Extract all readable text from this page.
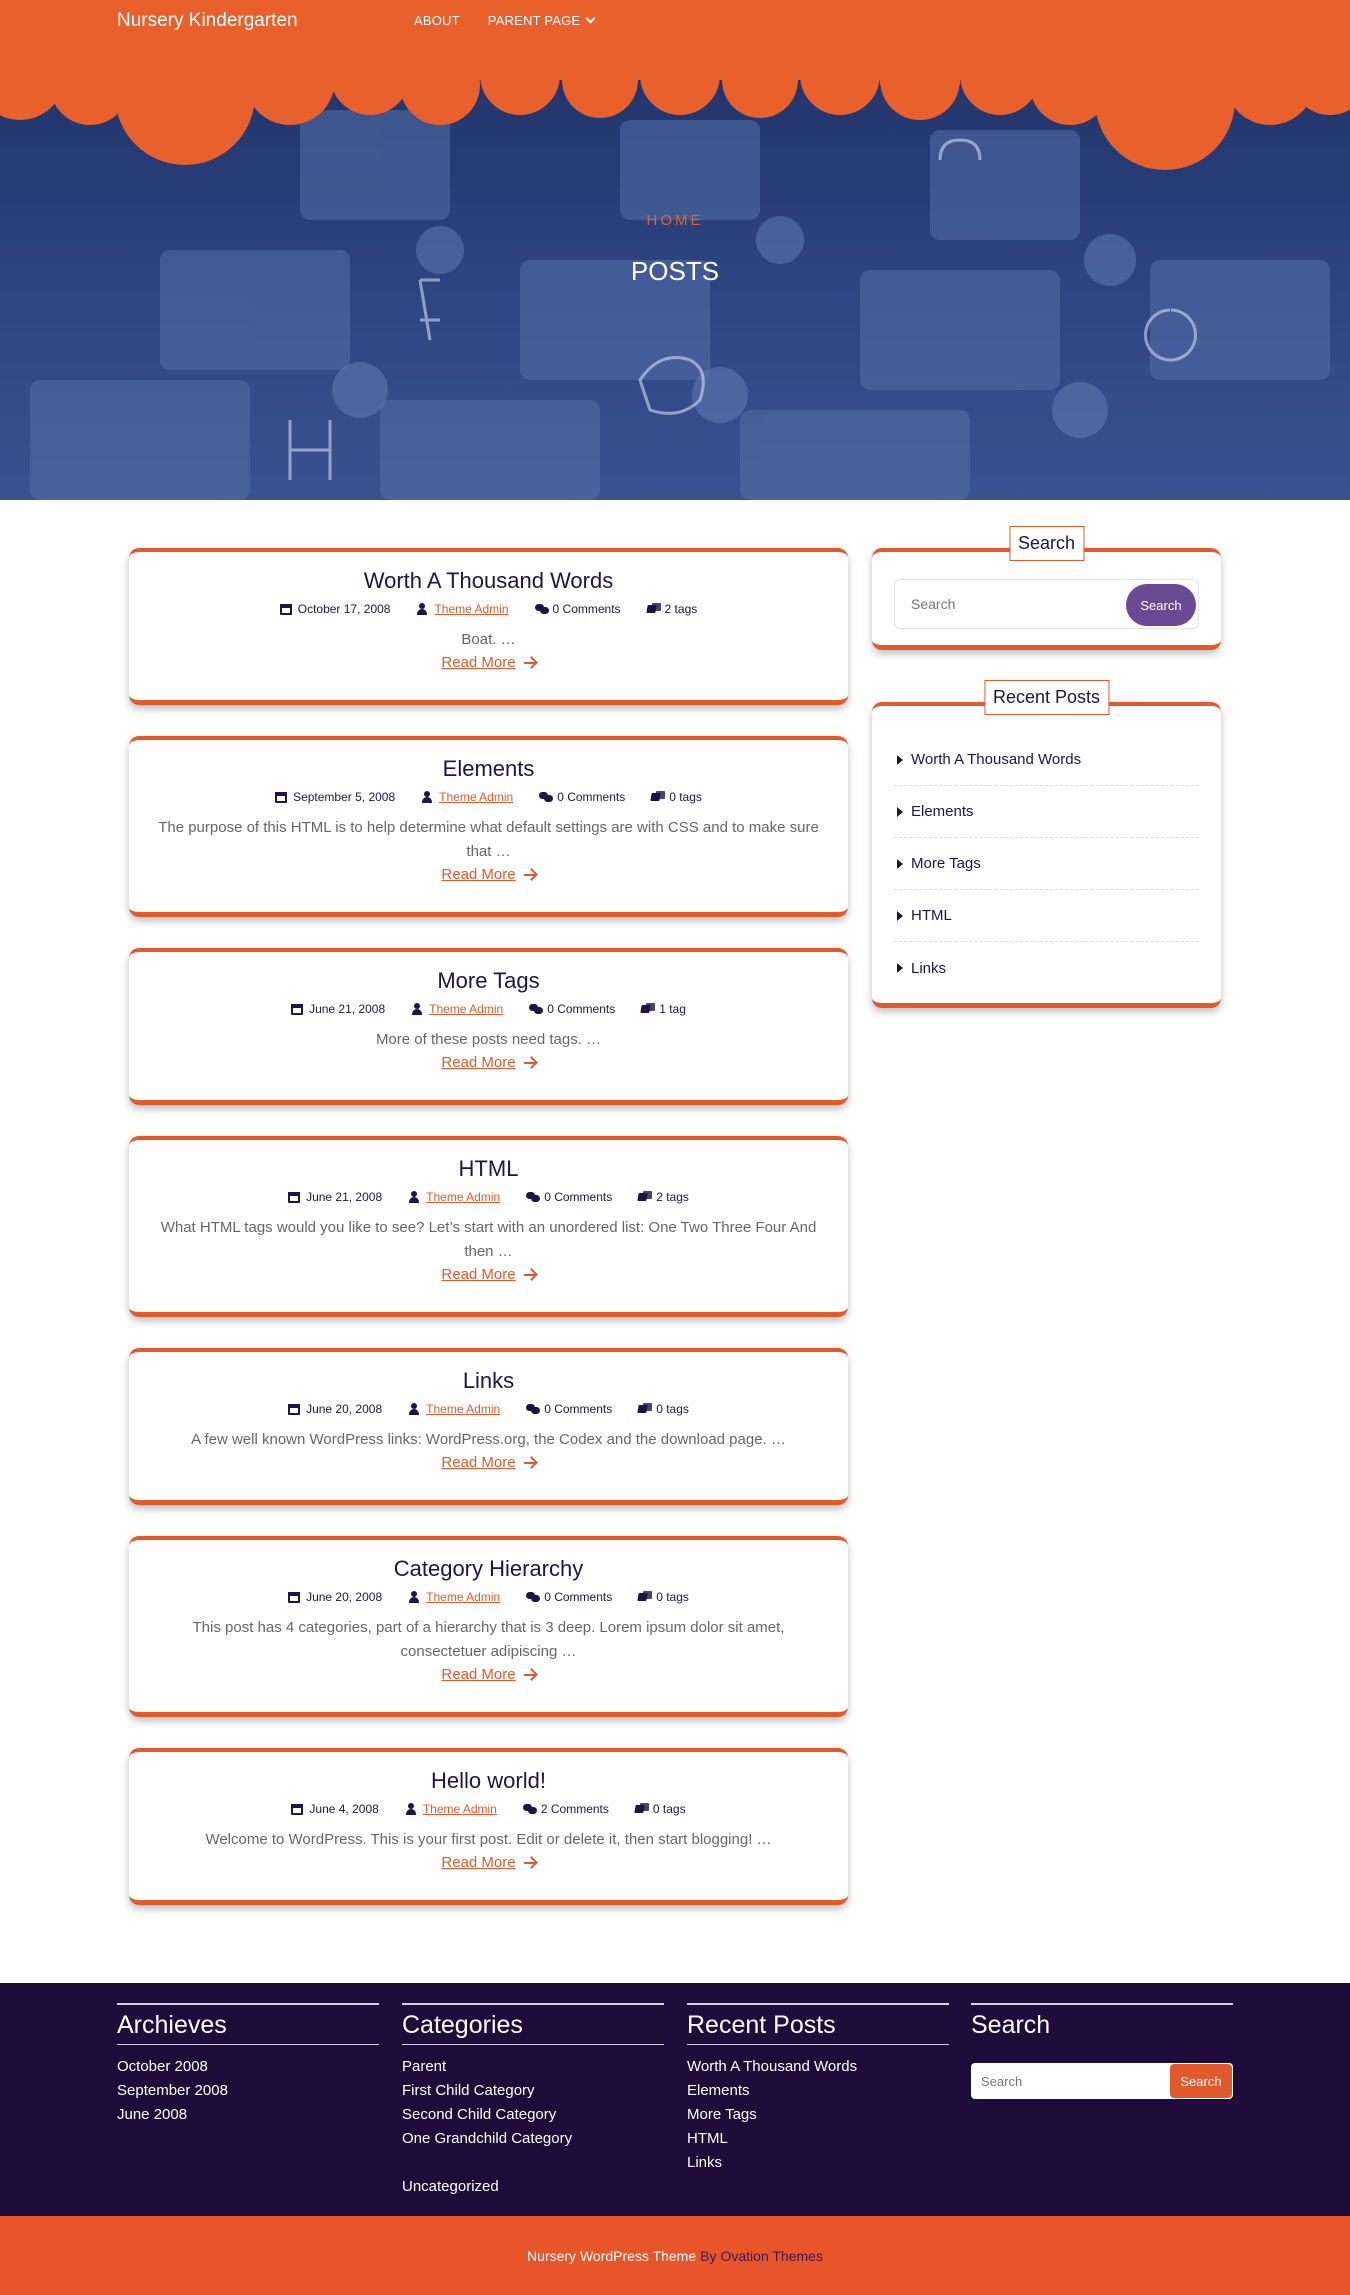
Nursery Kindergarten	ABOUT PARENT PAGE
HOME
POSTS
Worth A Thousand Words
October 17, 2008	Theme Admin	0 Comments	2 tags
Boat. …
Read More
Elements
September 5, 2008	Theme Admin	0 Comments	0 tags
The purpose of this HTML is to help determine what default settings are with CSS and to make sure that …
Read More
More Tags
June 21, 2008	Theme Admin	0 Comments	1 tag
More of these posts need tags. …
Read More
HTML
June 21, 2008	Theme Admin	0 Comments	2 tags
What HTML tags would you like to see? Let’s start with an unordered list: One Two Three Four And then …
Read More
Links
June 20, 2008	Theme Admin	0 Comments	0 tags
A few well known WordPress links: WordPress.org, the Codex and the download page. …
Read More
Category Hierarchy
June 20, 2008	Theme Admin	0 Comments	0 tags
This post has 4 categories, part of a hierarchy that is 3 deep. Lorem ipsum dolor sit amet, consectetuer adipiscing …
Read More
Hello world!
June 4, 2008	Theme Admin	2 Comments	0 tags
Welcome to WordPress. This is your first post. Edit or delete it, then start blogging! …
Read More
Search
Search
Search
Recent Posts
Worth A Thousand Words
Elements
More Tags
HTML
Links
Archieves
October 2008
September 2008
June 2008
Categories
Parent
First Child Category
Second Child Category
One Grandchild Category
Uncategorized
Recent Posts
Worth A Thousand Words
Elements
More Tags
HTML
Links
Search
Search
Search
Nursery WordPress Theme By Ovation Themes
